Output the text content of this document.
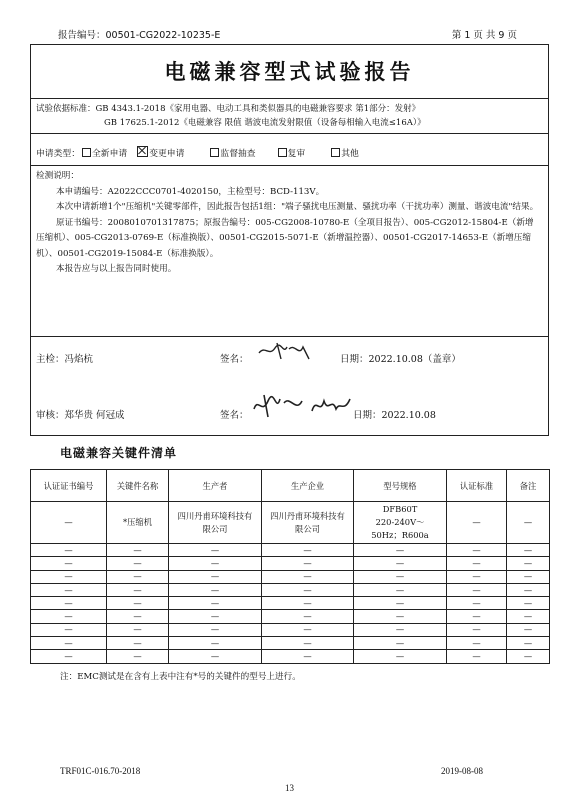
报告编号：00501-CG2022-10235-E	第 1 页 共 9 页
电磁兼容型式试验报告
试验依据标准：GB 4343.1-2018《家用电器、电动工具和类似器具的电磁兼容要求 第1部分：发射》
GB 17625.1-2012《电磁兼容 限值 谐波电流发射限值（设备每相输入电流≤16A）》
申请类型： 全新申请	变更申请	监督抽查	复审	其他

检测说明：

本申请编号：A2022CCC0701-4020150，主检型号：BCD-113V。

本次申请新增1个"压缩机"关键零部件，因此报告包括1组："端子骚扰电压测量、骚扰功率（干扰功率）测量、谐波电流"结果。

原证书编号：2008010701317875；原报告编号：005-CG2008-10780-E（全项目报告）、005-CG2012-15804-E（新增压缩机）、005-CG2013-0769-E（标准换版）、00501-CG2015-5071-E（新增温控器）、00501-CG2017-14653-E（新增压缩机）、00501-CG2019-15084-E（标准换版）。

本报告应与以上报告同时使用。

主检：冯焰杭	签名：	日期：2022.10.08（盖章）
审核：郑华贵 何冠成	签名：	日期：2022.10.08
电磁兼容关键件清单
认证证书编号	关键件名称	生产者	生产企业	型号规格	认证标准	备注
—	*压缩机	四川丹甫环境科技有限公司	四川丹甫环境科技有限公司	DFB60T
220-240V～
50Hz；R600a	—	—
—	—	—	—	—	—	—
—	—	—	—	—	—	—
—	—	—	—	—	—	—
—	—	—	—	—	—	—
—	—	—	—	—	—	—
—	—	—	—	—	—	—
—	—	—	—	—	—	—
—	—	—	—	—	—	—
—	—	—	—	—	—	—
注：EMC测试是在含有上表中注有*号的关键件的型号上进行。
TRF01C-016.70-2018	2019-08-08
13
